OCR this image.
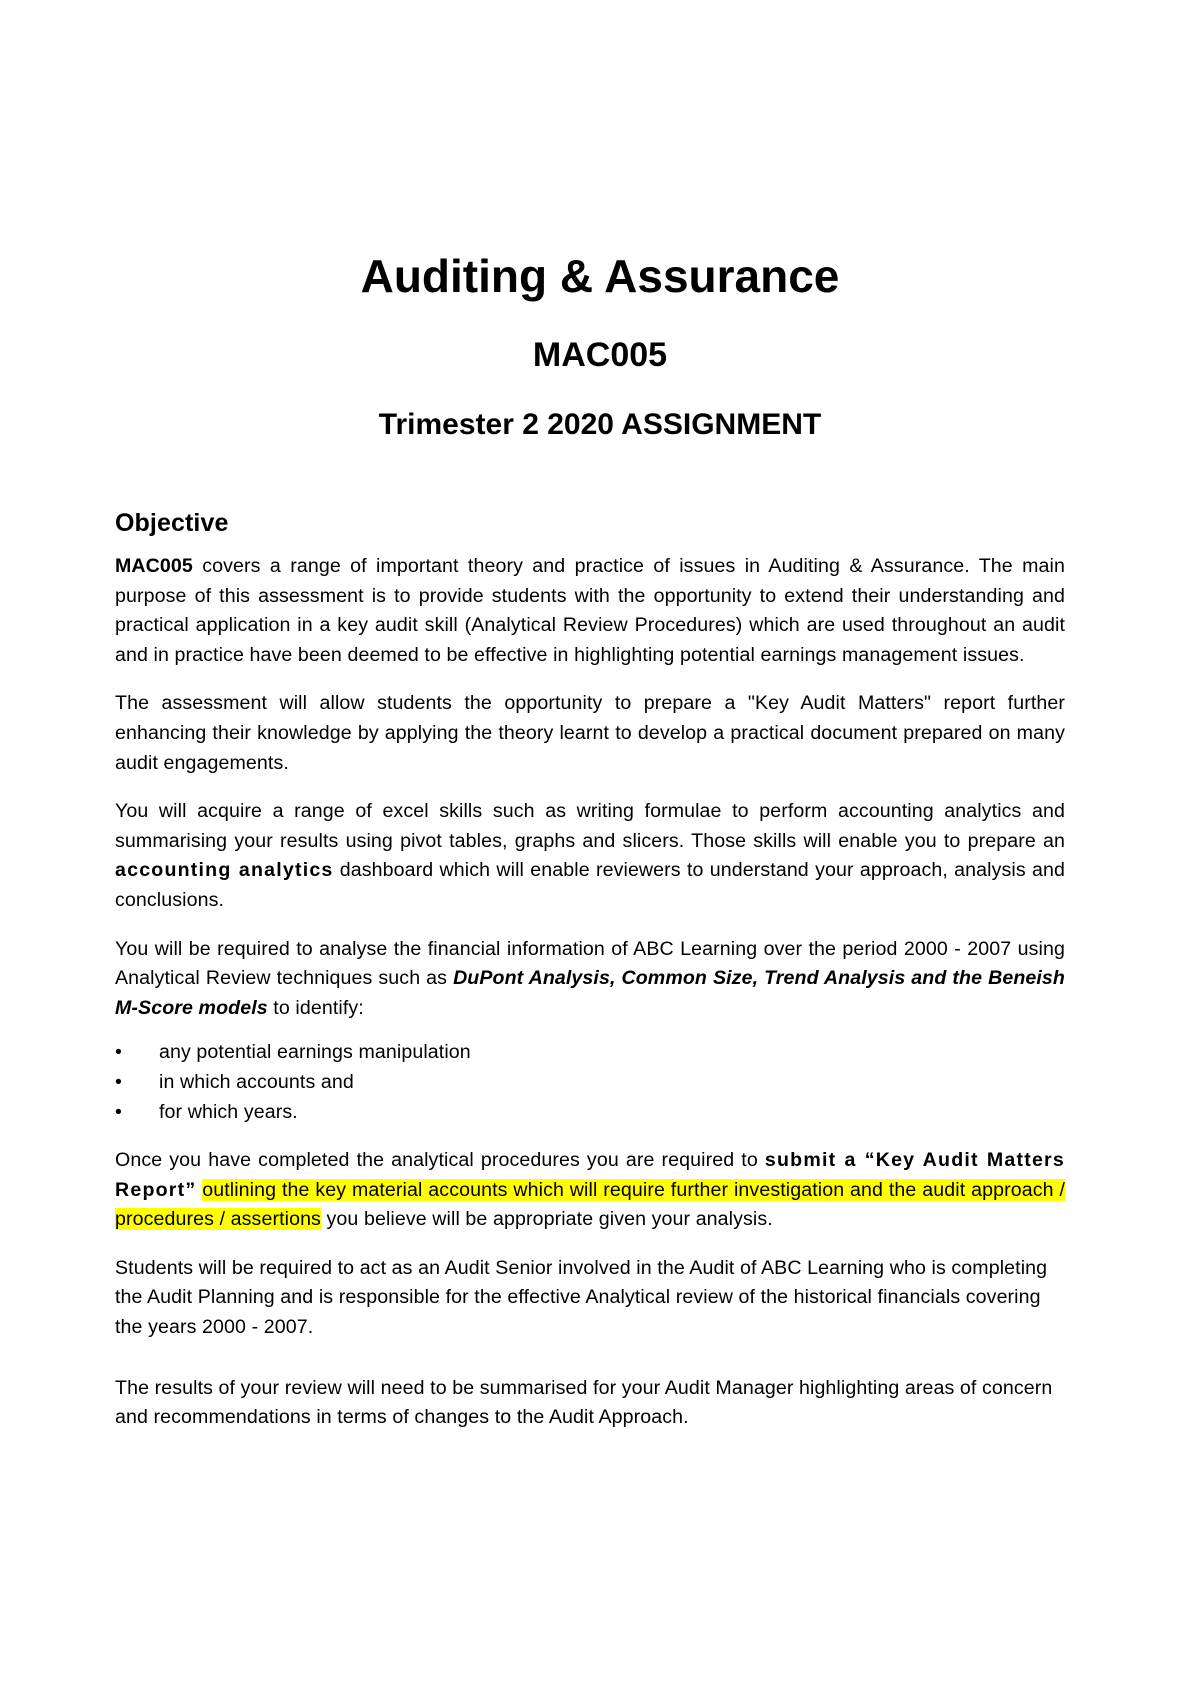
Auditing & Assurance
MAC005
Trimester 2 2020 ASSIGNMENT
Objective

MAC005 covers a range of important theory and practice of issues in Auditing & Assurance. The main purpose of this assessment is to provide students with the opportunity to extend their understanding and practical application in a key audit skill (Analytical Review Procedures) which are used throughout an audit and in practice have been deemed to be effective in highlighting potential earnings management issues.

The assessment will allow students the opportunity to prepare a "Key Audit Matters" report further enhancing their knowledge by applying the theory learnt to develop a practical document prepared on many audit engagements.

You will acquire a range of excel skills such as writing formulae to perform accounting analytics and summarising your results using pivot tables, graphs and slicers. Those skills will enable you to prepare an accounting analytics dashboard which will enable reviewers to understand your approach, analysis and conclusions.

You will be required to analyse the financial information of ABC Learning over the period 2000 - 2007 using Analytical Review techniques such as DuPont Analysis, Common Size, Trend Analysis and the Beneish M-Score models to identify:

•	any potential earnings manipulation
•	in which accounts and
•	for which years.

Once you have completed the analytical procedures you are required to submit a “Key Audit Matters Report” outlining the key material accounts which will require further investigation and the audit approach / procedures / assertions you believe will be appropriate given your analysis.

Students will be required to act as an Audit Senior involved in the Audit of ABC Learning who is completing the Audit Planning and is responsible for the effective Analytical review of the historical financials covering the years 2000 - 2007.

The results of your review will need to be summarised for your Audit Manager highlighting areas of concern and recommendations in terms of changes to the Audit Approach.
